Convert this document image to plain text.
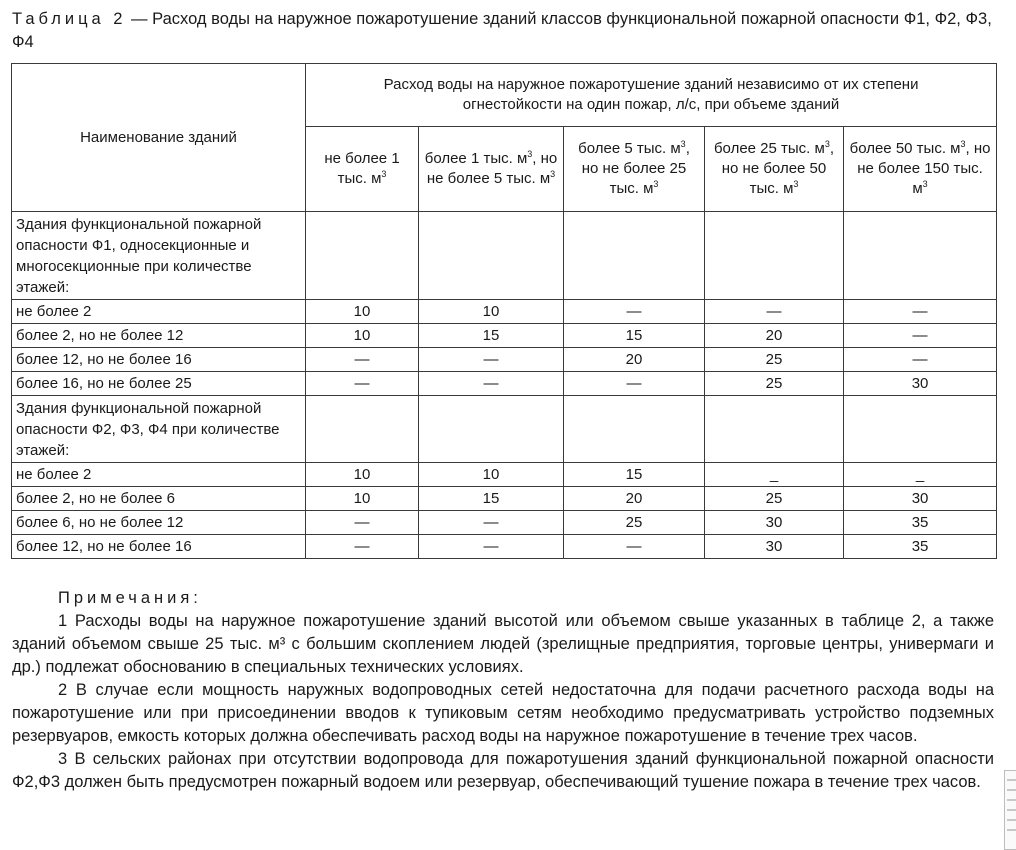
Таблица 2 — Расход воды на наружное пожаротушение зданий классов функциональной пожарной опасности Ф1, Ф2, Ф3, Ф4

Наименование зданий	Расход воды на наружное пожаротушение зданий независимо от их степени огнестойкости на один пожар, л/с, при объеме зданий				
	не более 1 тыс. $м^3$	более 1 тыс. $м^3$, но не более 5 тыс. $м^3$	более 5 тыс. $м^3$, но не более 25 тыс. $м^3$	более 25 тыс. $м^3$, но не более 50 тыс. $м^3$	более 50 тыс. $м^3$, но не более 150 тыс. $м^3$
Здания функциональной пожарной опасности Ф1, односекционные и многосекционные при количестве этажей:					
не более 2	10	10	—	—	—
более 2, но не более 12	10	15	15	20	—
более 12, но не более 16	—	—	20	25	—
более 16, но не более 25	—	—	—	25	30
Здания функциональной пожарной опасности Ф2, Ф3, Ф4 при количестве этажей:					
не более 2	10	10	15	_	_
более 2, но не более 6	10	15	20	25	30
более 6, но не более 12	—	—	25	30	35
более 12, но не более 16	—	—	—	30	35

Примечания:

1 Расходы воды на наружное пожаротушение зданий высотой или объемом свыше указанных в таблице 2, а также зданий объемом свыше 25 тыс. м³ с большим скоплением людей (зрелищные предприятия, торговые центры, универмаги и др.) подлежат обоснованию в специальных технических условиях.

2 В случае если мощность наружных водопроводных сетей недостаточна для подачи расчетного расхода воды на пожаротушение или при присоединении вводов к тупиковым сетям необходимо предусматривать устройство подземных резервуаров, емкость которых должна обеспечивать расход воды на наружное пожаротушение в течение трех часов.

3 В сельских районах при отсутствии водопровода для пожаротушения зданий функциональной пожарной опасности Ф2,Ф3 должен быть предусмотрен пожарный водоем или резервуар, обеспечивающий тушение пожара в течение трех часов.
